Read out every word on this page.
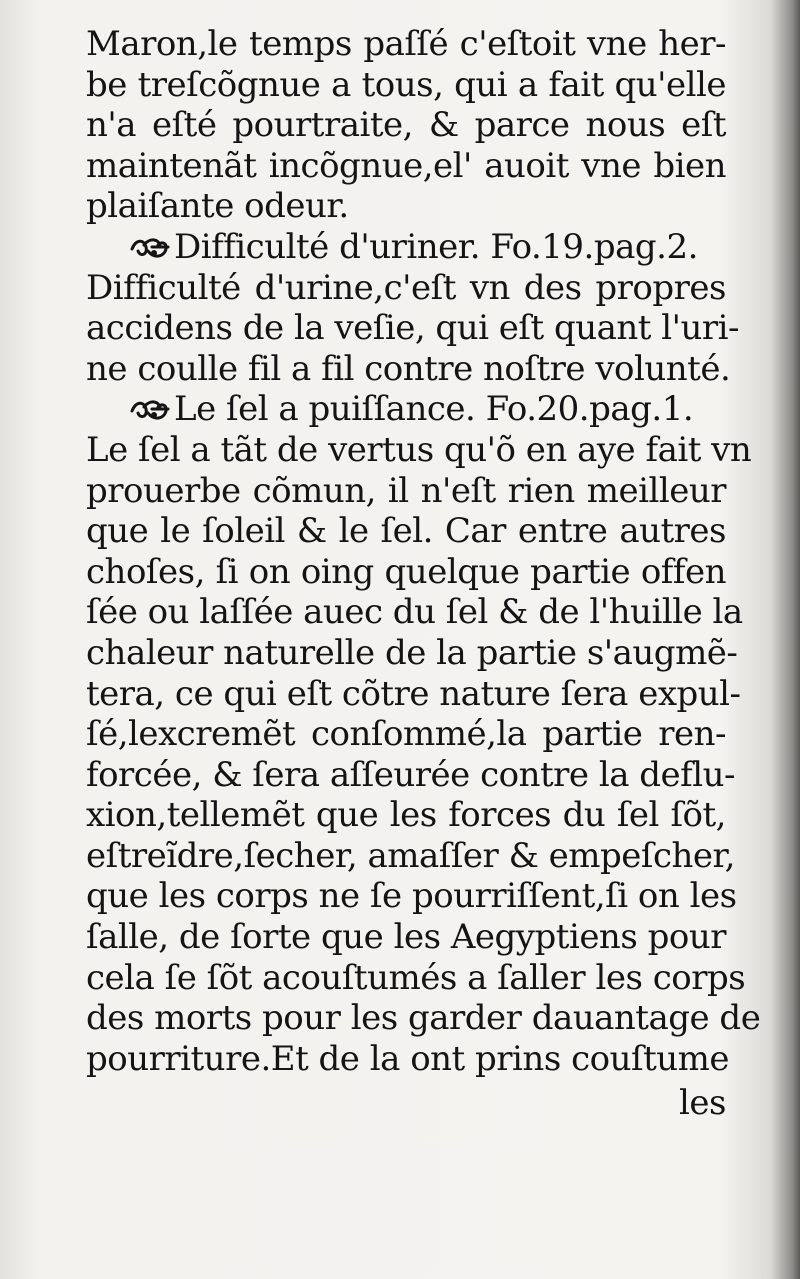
Maron,le temps paſſé c'eſtoit vne her-
be treſcõgnue a tous, qui a fait qu'elle
n'a eſté pourtraite, & parce nous eſt
maintenãt incõgnue,el' auoit vne bien
plaiſante odeur.
Difficulté d'uriner. Fo.19.pag.2.
Difficulté d'urine,c'eſt vn des propres
accidens de la veſie, qui eſt quant l'uri-
ne coulle fil a fil contre noſtre volunté.
Le ſel a puiſſance. Fo.20.pag.1.
Le ſel a tãt de vertus qu'õ en aye fait vn
prouerbe cõmun, il n'eſt rien meilleur
que le ſoleil & le ſel. Car entre autres
choſes, ſi on oing quelque partie offen
ſée ou laſſée auec du ſel & de l'huille la
chaleur naturelle de la partie s'augmẽ-
tera, ce qui eſt cõtre nature ſera expul-
ſé,lexcremẽt conſommé,la partie ren-
forcée, & ſera aſſeurée contre la deflu-
xion,tellemẽt que les forces du ſel ſõt,
eſtreĩdre,ſecher, amaſſer & empeſcher,
que les corps ne ſe pourriſſent,ſi on les
ſalle, de ſorte que les Aegyptiens pour
cela ſe ſõt acouſtumés a ſaller les corps
des morts pour les garder dauantage de
pourriture.Et de la ont prins couſtume
les
